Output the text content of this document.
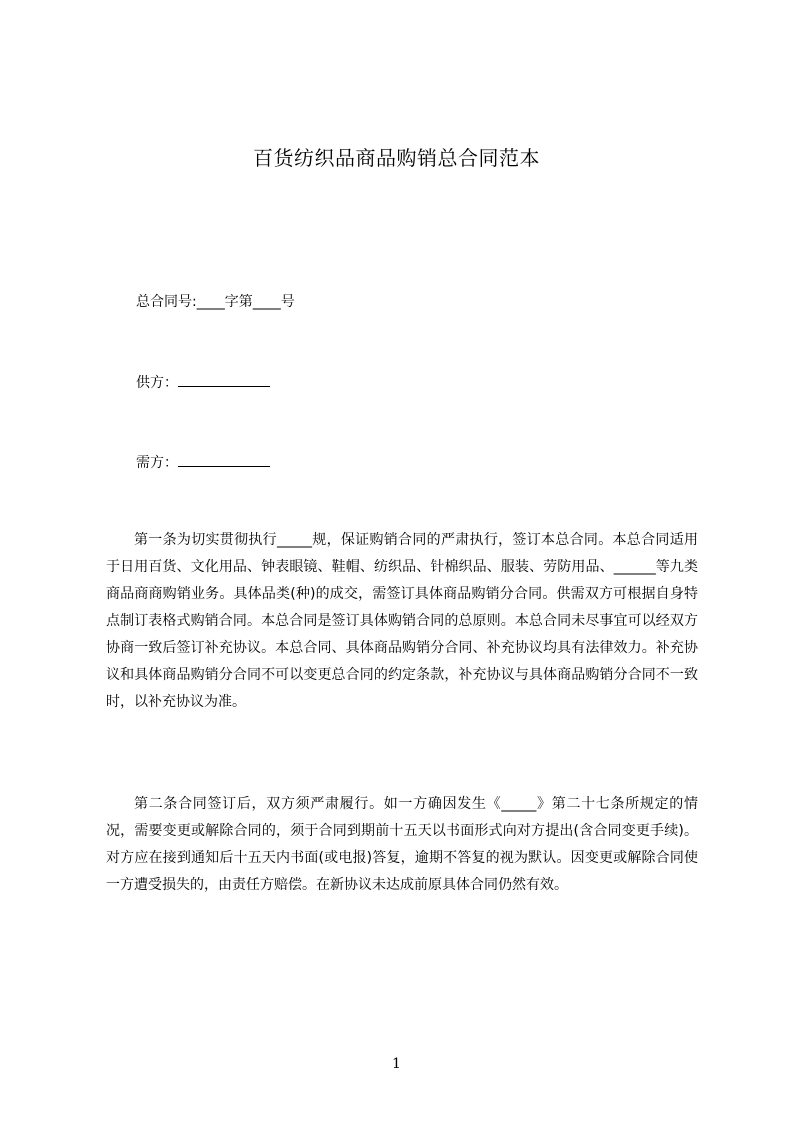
百货纺织品商品购销总合同范本
总合同号:____字第____号
供方：
需方：

第一条为切实贯彻执行_____规，保证购销合同的严肃执行，签订本总合同。本总合同适用于日用百货、文化用品、钟表眼镜、鞋帽、纺织品、针棉织品、服装、劳防用品、______等九类商品商商购销业务。具体品类(种)的成交，需签订具体商品购销分合同。供需双方可根据自身特点制订表格式购销合同。本总合同是签订具体购销合同的总原则。本总合同未尽事宜可以经双方协商一致后签订补充协议。本总合同、具体商品购销分合同、补充协议均具有法律效力。补充协议和具体商品购销分合同不可以变更总合同的约定条款，补充协议与具体商品购销分合同不一致时，以补充协议为准。

第二条合同签订后，双方须严肃履行。如一方确因发生《_____》第二十七条所规定的情况，需要变更或解除合同的，须于合同到期前十五天以书面形式向对方提出(含合同变更手续)。对方应在接到通知后十五天内书面(或电报)答复，逾期不答复的视为默认。因变更或解除合同使一方遭受损失的，由责任方赔偿。在新协议未达成前原具体合同仍然有效。

1
